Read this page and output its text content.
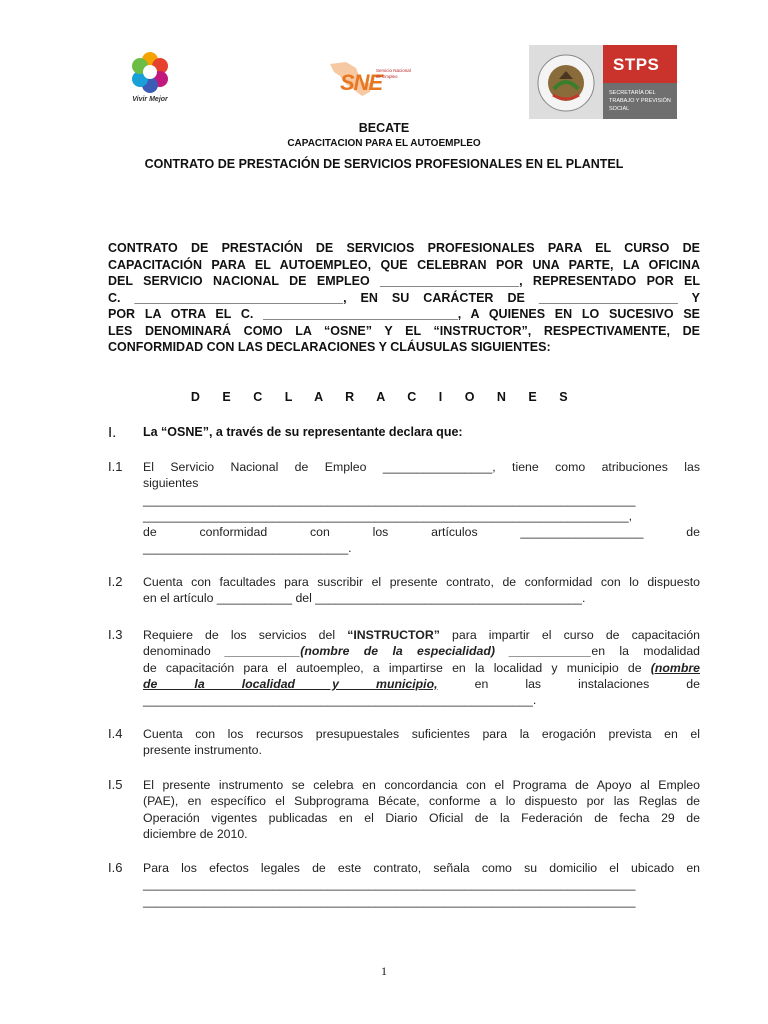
Vivir Mejor
SNE
Servicio Nacional de Empleo
STPS
SECRETARÍA DEL TRABAJO Y PREVISIÓN SOCIAL
BECATE
CAPACITACION PARA EL AUTOEMPLEO
CONTRATO DE PRESTACIÓN DE SERVICIOS PROFESIONALES EN EL PLANTEL
CONTRATO DE PRESTACIÓN DE SERVICIOS PROFESIONALES PARA EL CURSO DE
CAPACITACIÓN PARA EL AUTOEMPLEO, QUE CELEBRAN POR UNA PARTE, LA OFICINA
DEL SERVICIO NACIONAL DE EMPLEO ____________________, REPRESENTADO POR EL
C. ______________________________, EN SU CARÁCTER DE ____________________ Y
POR LA OTRA EL C. ____________________________, A QUIENES EN LO SUCESIVO SE
LES DENOMINARÁ COMO LA “OSNE” Y EL “INSTRUCTOR”, RESPECTIVAMENTE, DE
CONFORMIDAD CON LAS DECLARACIONES Y CLÁUSULAS SIGUIENTES:
D E C L A R A C I O N E S
I. La “OSNE”, a través de su representante declara que:
I.1 El Servicio Nacional de Empleo ________________, tiene como atribuciones las
siguientes
________________________________________________________________________
_______________________________________________________________________,
de conformidad con los artículos __________________ de
______________________________.
I.2 Cuenta con facultades para suscribir el presente contrato, de conformidad con lo dispuesto
en el artículo ___________ del _______________________________________.
I.3 Requiere de los servicios del “INSTRUCTOR” para impartir el curso de capacitación
denominado ___________(nombre de la especialidad) ____________en la modalidad
de capacitación para el autoempleo, a impartirse en la localidad y municipio de (nombre
de la localidad y municipio, en las instalaciones de
_________________________________________________________.
I.4 Cuenta con los recursos presupuestales suficientes para la erogación prevista en el
presente instrumento.
I.5 El presente instrumento se celebra en concordancia con el Programa de Apoyo al Empleo
(PAE), en específico el Subprograma Bécate, conforme a lo dispuesto por las Reglas de
Operación vigentes publicadas en el Diario Oficial de la Federación de fecha 29 de
diciembre de 2010.
I.6 Para los efectos legales de este contrato, señala como su domicilio el ubicado en
________________________________________________________________________
________________________________________________________________________
1
